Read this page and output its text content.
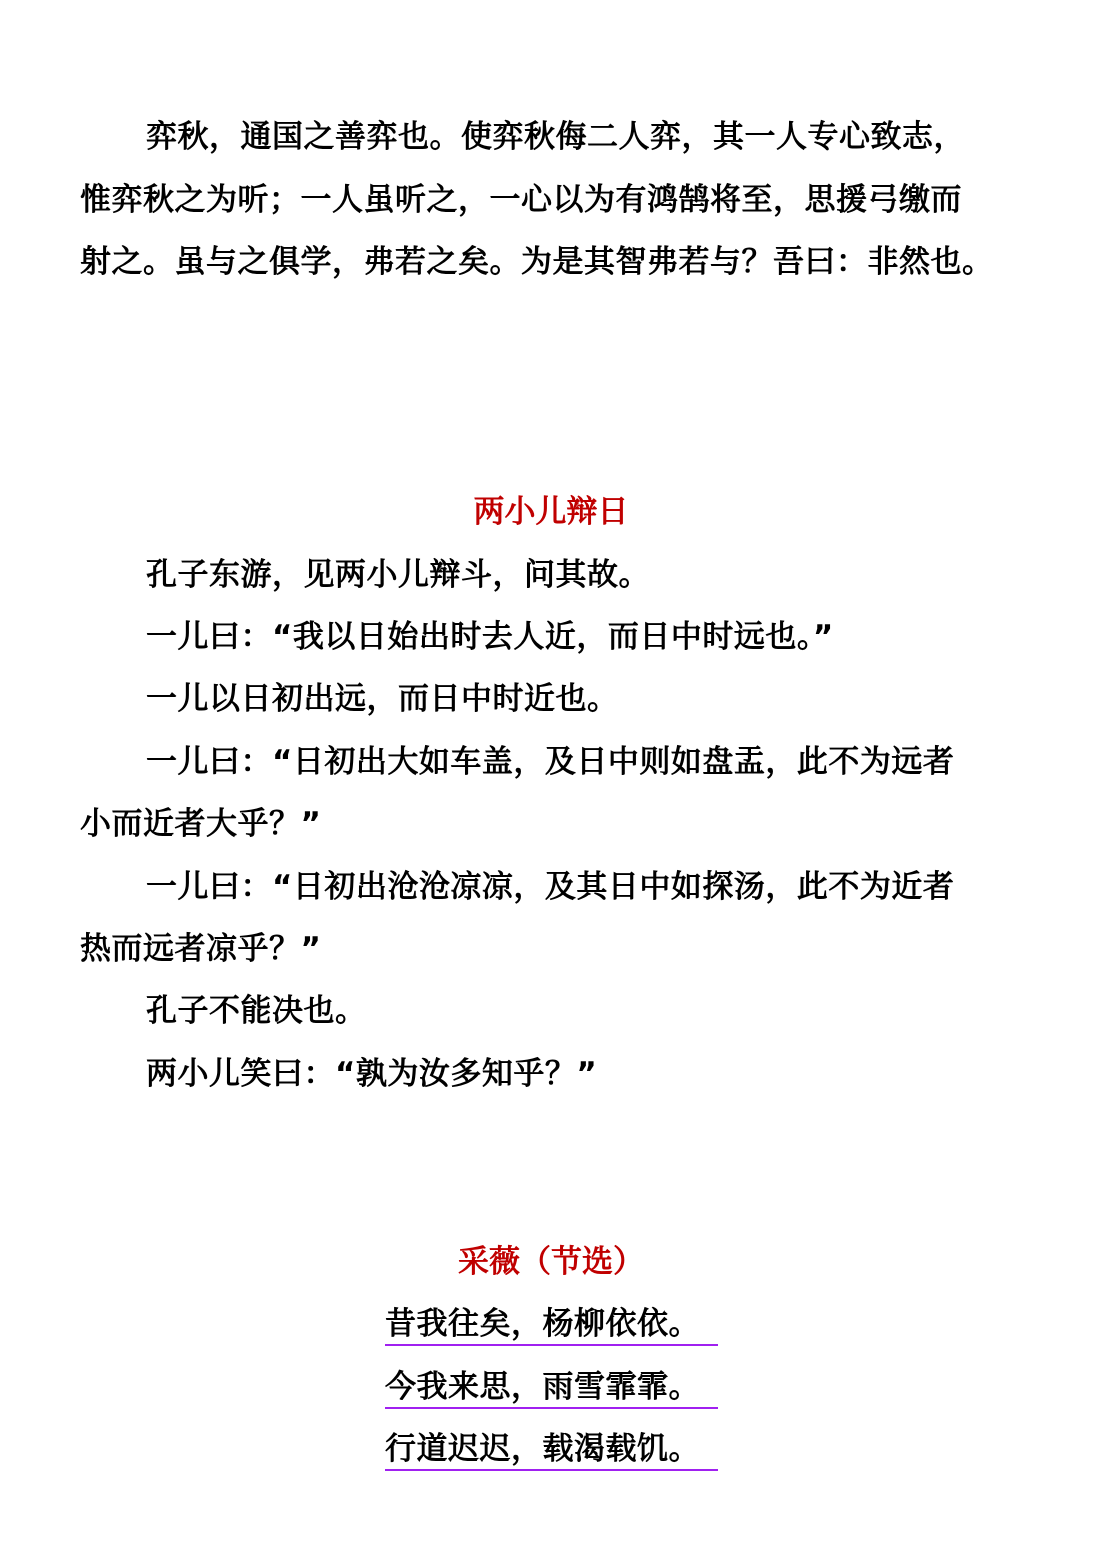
弈秋，通国之善弈也。使弈秋侮二人弈，其一人专心致志，
惟弈秋之为听；一人虽听之，一心以为有鸿鹄将至，思援弓缴而
射之。虽与之俱学，弗若之矣。为是其智弗若与？吾曰：非然也。
两小儿辩日
孔子东游，见两小儿辩斗，问其故。
一儿曰：“我以日始出时去人近，而日中时远也。”
一儿以日初出远，而日中时近也。
一儿曰：“日初出大如车盖，及日中则如盘盂，此不为远者
小而近者大乎？”
一儿曰：“日初出沧沧凉凉，及其日中如探汤，此不为近者
热而远者凉乎？”
孔子不能决也。
两小儿笑曰：“孰为汝多知乎？”
采薇（节选）
昔我往矣，杨柳依依。
今我来思，雨雪霏霏。
行道迟迟，载渴载饥。
